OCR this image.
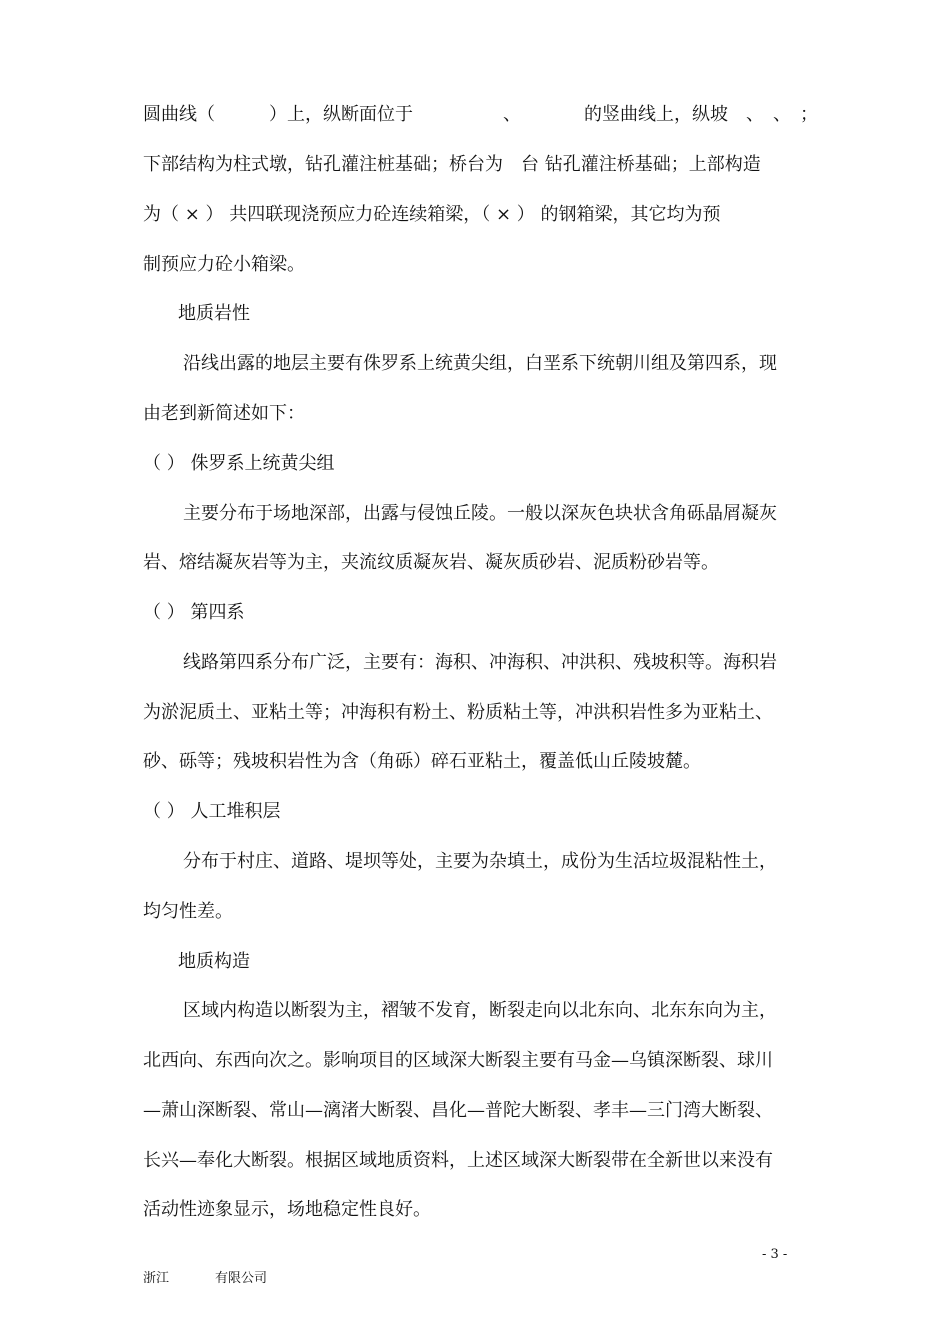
圆曲线（　　　）上，纵断面位于　　　　　、　　　　的竖曲线上，纵坡　、　、　；
下部结构为柱式墩，钻孔灌注桩基础；桥台为　台 钻孔灌注桥基础；上部构造
为（ × ） 共四联现浇预应力砼连续箱梁，（ × ） 的钢箱梁，其它均为预
制预应力砼小箱梁。
地质岩性
沿线出露的地层主要有侏罗系上统黄尖组，白垩系下统朝川组及第四系，现
由老到新简述如下：
（ ） 侏罗系上统黄尖组
主要分布于场地深部，出露与侵蚀丘陵。一般以深灰色块状含角砾晶屑凝灰
岩、熔结凝灰岩等为主，夹流纹质凝灰岩、凝灰质砂岩、泥质粉砂岩等。
（ ） 第四系
线路第四系分布广泛，主要有：海积、冲海积、冲洪积、残坡积等。海积岩
为淤泥质土、亚粘土等；冲海积有粉土、粉质粘土等，冲洪积岩性多为亚粘土、
砂、砾等；残坡积岩性为含（角砾）碎石亚粘土，覆盖低山丘陵坡麓。
（ ） 人工堆积层
分布于村庄、道路、堤坝等处，主要为杂填土，成份为生活垃圾混粘性土，
均匀性差。
地质构造
区域内构造以断裂为主，褶皱不发育，断裂走向以北东向、北东东向为主，
北西向、东西向次之。影响项目的区域深大断裂主要有马金—乌镇深断裂、球川
—萧山深断裂、常山—漓渚大断裂、昌化—普陀大断裂、孝丰—三门湾大断裂、
长兴—奉化大断裂。根据区域地质资料，上述区域深大断裂带在全新世以来没有
活动性迹象显示，场地稳定性良好。
- 3 -
浙江	有限公司
